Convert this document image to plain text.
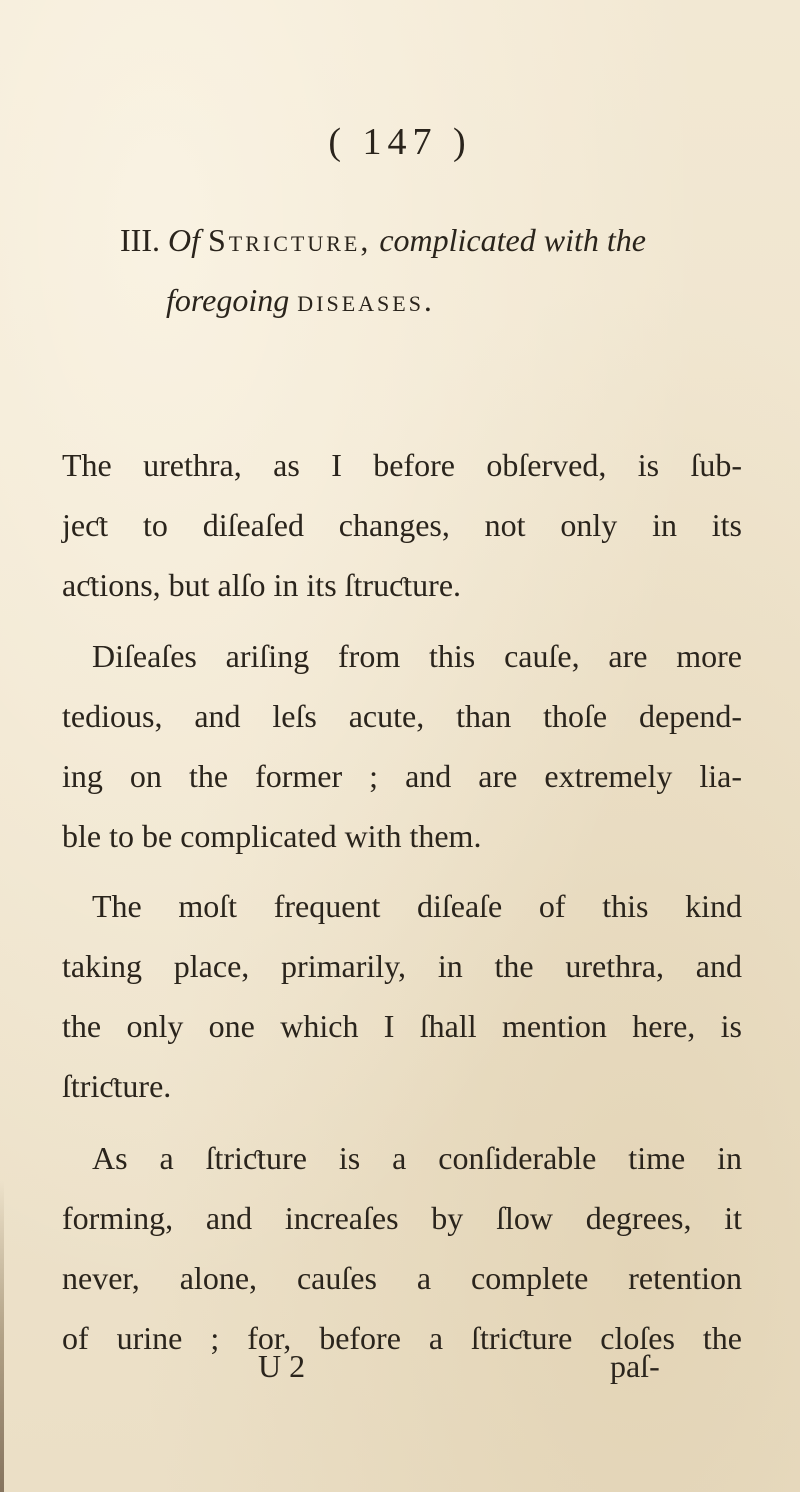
( 147 )
III. Of Stricture, complicated with the
foregoing diseases.
The urethra, as I before obſerved, is ſub-
jeƈt to diſeaſed changes, not only in its
aƈtions, but alſo in its ſtruƈture.
Diſeaſes ariſing from this cauſe, are more
tedious, and leſs acute, than thoſe depend-
ing on the former ; and are extremely lia-
ble to be complicated with them.
The moſt frequent diſeaſe of this kind
taking place, primarily, in the urethra, and
the only one which I ſhall mention here, is
ſtriƈture.
As a ſtriƈture is a conſiderable time in
forming, and increaſes by ſlow degrees, it
never, alone, cauſes a complete retention
of urine ; for, before a ſtriƈture cloſes the
U 2	paſ-
